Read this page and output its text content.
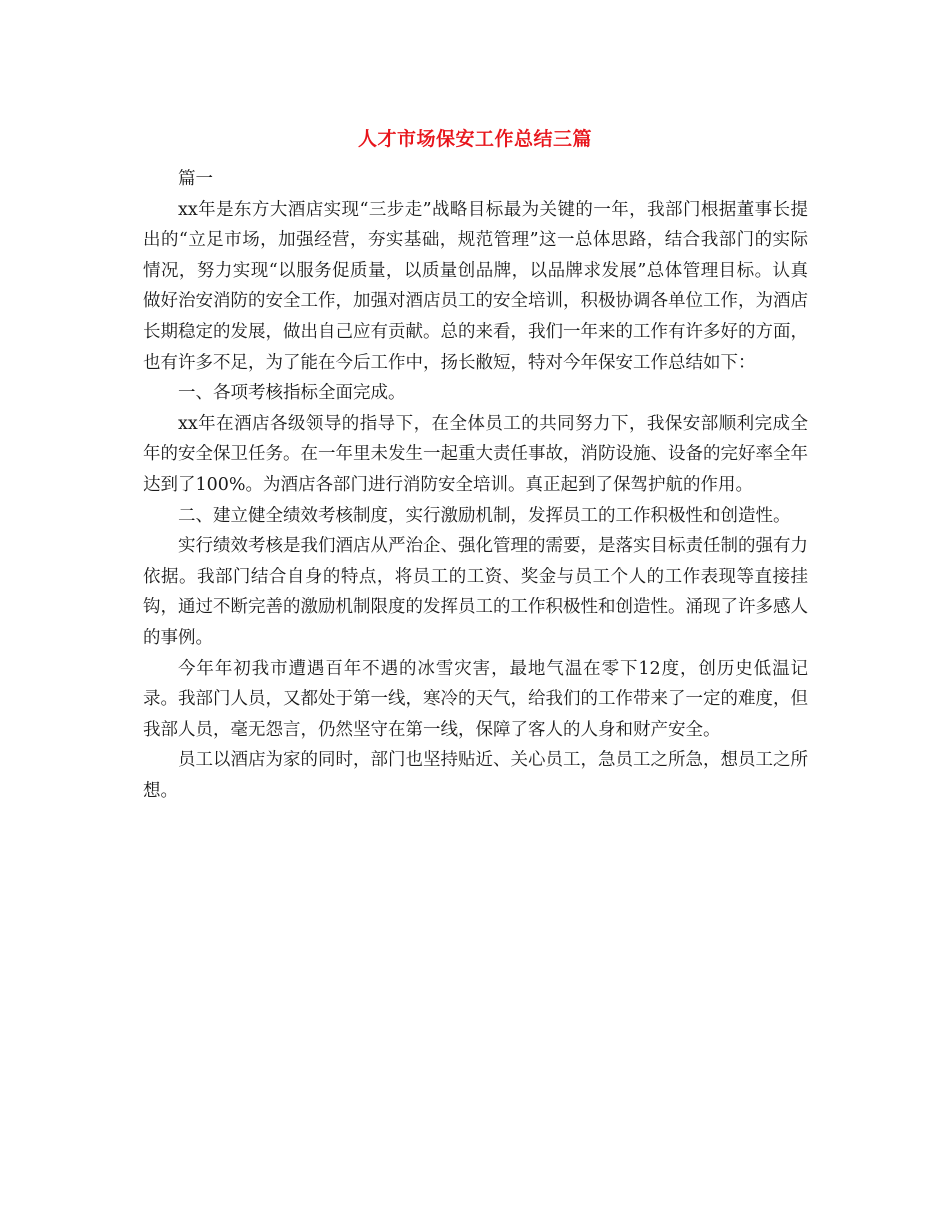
人才市场保安工作总结三篇

篇一

xx年是东方大酒店实现“三步走”战略目标最为关键的一年，我部门根据董事长提出的“立足市场，加强经营，夯实基础，规范管理”这一总体思路，结合我部门的实际情况，努力实现“以服务促质量，以质量创品牌，以品牌求发展”总体管理目标。认真做好治安消防的安全工作，加强对酒店员工的安全培训，积极协调各单位工作，为酒店长期稳定的发展，做出自己应有贡献。总的来看，我们一年来的工作有许多好的方面，也有许多不足，为了能在今后工作中，扬长敝短，特对今年保安工作总结如下：

一、各项考核指标全面完成。

xx年在酒店各级领导的指导下，在全体员工的共同努力下，我保安部顺利完成全年的安全保卫任务。在一年里未发生一起重大责任事故，消防设施、设备的完好率全年达到了100%。为酒店各部门进行消防安全培训。真正起到了保驾护航的作用。

二、建立健全绩效考核制度，实行激励机制，发挥员工的工作积极性和创造性。

实行绩效考核是我们酒店从严治企、强化管理的需要，是落实目标责任制的强有力依据。我部门结合自身的特点，将员工的工资、奖金与员工个人的工作表现等直接挂钩，通过不断完善的激励机制限度的发挥员工的工作积极性和创造性。涌现了许多感人的事例。

今年年初我市遭遇百年不遇的冰雪灾害，最地气温在零下12度，创历史低温记录。我部门人员，又都处于第一线，寒冷的天气，给我们的工作带来了一定的难度，但我部人员，毫无怨言，仍然坚守在第一线，保障了客人的人身和财产安全。

员工以酒店为家的同时，部门也坚持贴近、关心员工，急员工之所急，想员工之所想。
